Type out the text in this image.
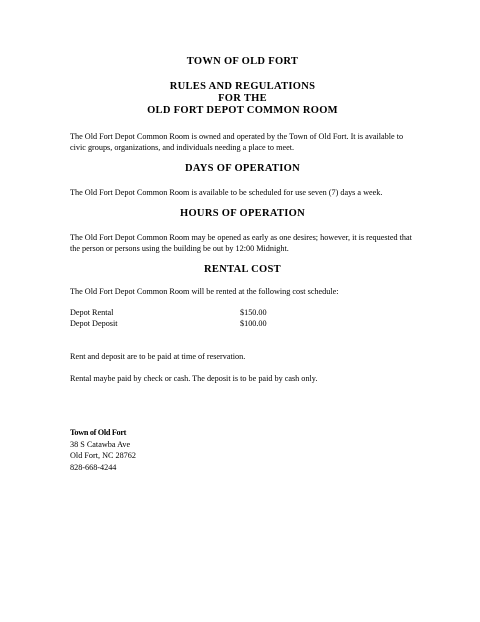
TOWN OF OLD FORT
RULES AND REGULATIONS
FOR THE
OLD FORT DEPOT COMMON ROOM

The Old Fort Depot Common Room is owned and operated by the Town of Old Fort. It is available to civic groups, organizations, and individuals needing a place to meet.

DAYS OF OPERATION

The Old Fort Depot Common Room is available to be scheduled for use seven (7) days a week.

HOURS OF OPERATION

The Old Fort Depot Common Room may be opened as early as one desires; however, it is requested that the person or persons using the building be out by 12:00 Midnight.

RENTAL COST

The Old Fort Depot Common Room will be rented at the following cost schedule:

Depot Rental	$150.00
Depot Deposit	$100.00

Rent and deposit are to be paid at time of reservation.

Rental maybe paid by check or cash. The deposit is to be paid by cash only.

Town of Old Fort
38 S Catawba Ave
Old Fort, NC 28762
828-668-4244
